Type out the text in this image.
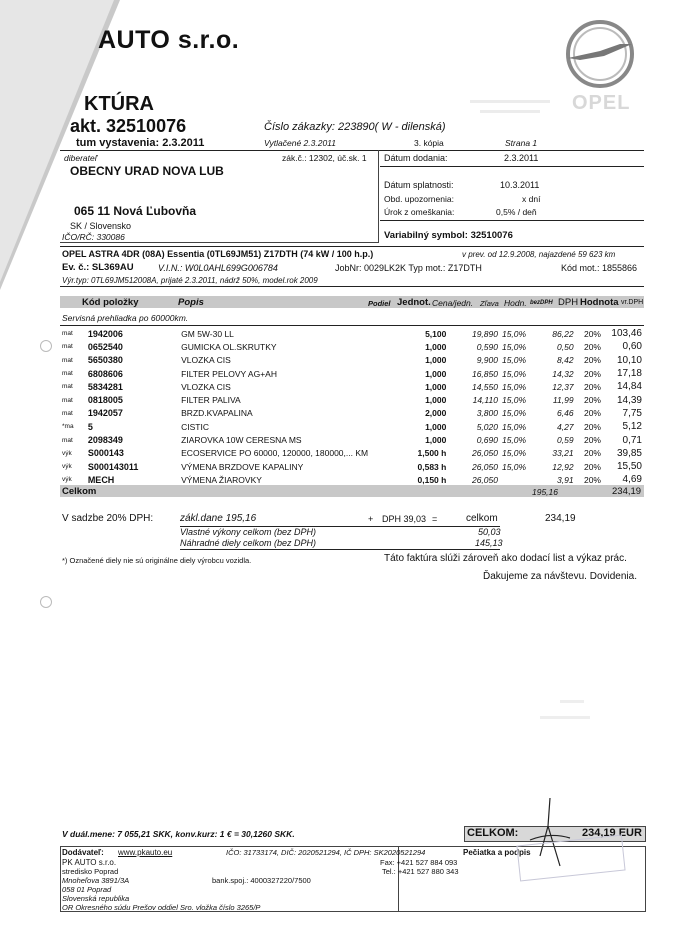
AUTO s.r.o.
OPEL
KTÚRA
akt. 32510076
tum vystavenia: 2.3.2011
Číslo zákazky: 223890( W - dilenská)
Vytlačené 2.3.2011	3. kópia	Strana 1
diberateľ	zák.č.: 12302, úč.sk. 1
OBECNY URAD NOVA LUB
065 11 Nová Ľubovňa
SK / Slovensko
IČO/RČ: 330086
Dátum dodania:	2.3.2011
Dátum splatnosti:	10.3.2011
Obd. upozornenia:	x dní
Úrok z omeškania:	0,5% / deň
Variabilný symbol: 32510076
OPEL ASTRA 4DR (08A) Essentia (0TL69JM51) Z17DTH (74 kW / 100 h.p.)	v prev. od 12.9.2008, najazdené 59 623 km
Ev. č.: SL369AU	V.I.N.: W0L0AHL699G006784	JobNr: 0029LK2K Typ mot.: Z17DTH	Kód mot.: 1855866
Výr.typ: 0TL69JM512008A, prijaté 2.3.2011, nádrž 50%, model.rok 2009
Kód položky	Popis	Podiel Jednot. Cena/jedn. Zľava Hodn. bezDPH DPH Hodnota vr.DPH
Servisná prehliadka po 60000km.
mat	1942006	GM 5W-30 LL	5,100	19,890	15,0%	86,22	20%	103,46
mat	0652540	GUMICKA OL.SKRUTKY	1,000	0,590	15,0%	0,50	20%	0,60
mat	5650380	VLOZKA CIS	1,000	9,900	15,0%	8,42	20%	10,10
mat	6808606	FILTER PELOVY AG+AH	1,000	16,850	15,0%	14,32	20%	17,18
mat	5834281	VLOZKA CIS	1,000	14,550	15,0%	12,37	20%	14,84
mat	0818005	FILTER PALIVA	1,000	14,110	15,0%	11,99	20%	14,39
mat	1942057	BRZD.KVAPALINA	2,000	3,800	15,0%	6,46	20%	7,75
*ma	5	CISTIC	1,000	5,020	15,0%	4,27	20%	5,12
mat	2098349	ZIAROVKA 10W CERESNA MS	1,000	0,690	15,0%	0,59	20%	0,71
výk	S000143	ECOSERVICE PO 60000, 120000, 180000,... KM	1,500 h	26,050	15,0%	33,21	20%	39,85
výk	S000143011	VÝMENA BRZDOVE KAPALINY	0,583 h	26,050	15,0%	12,92	20%	15,50
výk	MECH	VÝMENA ŽIAROVKY	0,150 h	26,050		3,91	20%	4,69
Celkom	195,16	234,19
V sadzbe 20% DPH:	zákl.dane 195,16	+ DPH 39,03 =	celkom	234,19
Vlastné výkony celkom (bez DPH)	50,03
Náhradné diely celkom (bez DPH)	145,13
*) Označené diely nie sú originálne diely výrobcu vozidla.	Táto faktúra slúži zároveň ako dodací list a výkaz prác.
Ďakujeme za návštevu. Dovidenia.
V duál.mene: 7 055,21 SKK, konv.kurz: 1 € = 30,1260 SKK.	CELKOM:	234,19 EUR
Dodávateľ: www.pkauto.eu
PK AUTO s.r.o.
stredisko Poprad
Mnoheľova 3891/3A
058 01 Poprad
Slovenská republika
OR Okresného súdu Prešov oddiel Sro. vložka číslo 3265/P
IČO: 31733174, DIČ: 2020521294, IČ DPH: SK2020521294
Fax: +421 527 884 093
Tel.: +421 527 880 343
bank.spoj.: 4000327220/7500
Pečiatka a podpis
